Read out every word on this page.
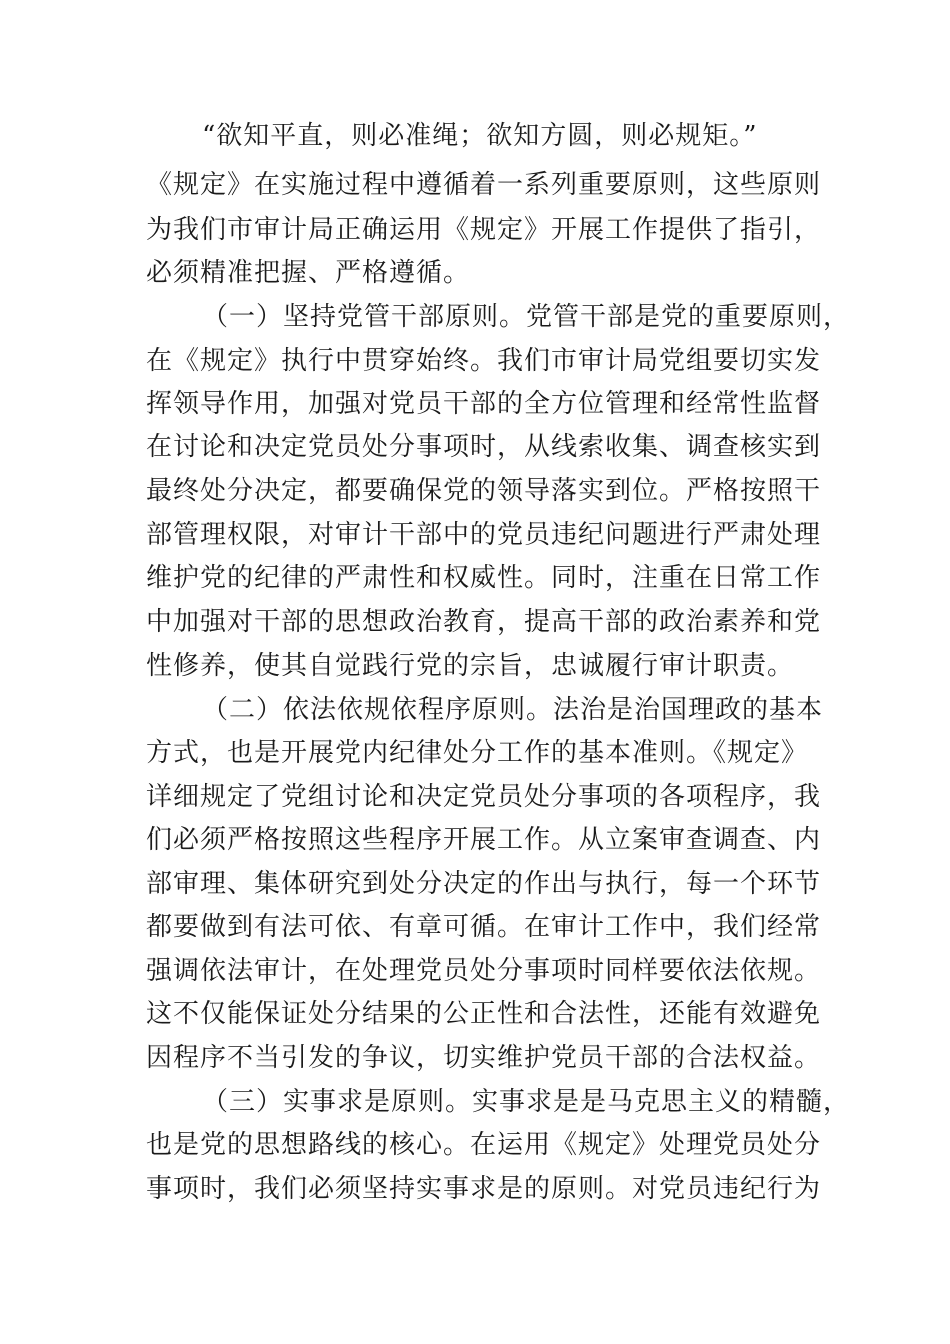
“欲知平直，则必准绳；欲知方圆，则必规矩。”
《规定》在实施过程中遵循着一系列重要原则，这些原则
为我们市审计局正确运用《规定》开展工作提供了指引，
必须精准把握、严格遵循。
（一）坚持党管干部原则。党管干部是党的重要原则，
在《规定》执行中贯穿始终。我们市审计局党组要切实发
挥领导作用，加强对党员干部的全方位管理和经常性监督
在讨论和决定党员处分事项时，从线索收集、调查核实到
最终处分决定，都要确保党的领导落实到位。严格按照干
部管理权限，对审计干部中的党员违纪问题进行严肃处理
维护党的纪律的严肃性和权威性。同时，注重在日常工作
中加强对干部的思想政治教育，提高干部的政治素养和党
性修养，使其自觉践行党的宗旨，忠诚履行审计职责。
（二）依法依规依程序原则。法治是治国理政的基本
方式，也是开展党内纪律处分工作的基本准则。《规定》
详细规定了党组讨论和决定党员处分事项的各项程序，我
们必须严格按照这些程序开展工作。从立案审查调查、内
部审理、集体研究到处分决定的作出与执行，每一个环节
都要做到有法可依、有章可循。在审计工作中，我们经常
强调依法审计，在处理党员处分事项时同样要依法依规。
这不仅能保证处分结果的公正性和合法性，还能有效避免
因程序不当引发的争议，切实维护党员干部的合法权益。
（三）实事求是原则。实事求是是马克思主义的精髓，
也是党的思想路线的核心。在运用《规定》处理党员处分
事项时，我们必须坚持实事求是的原则。对党员违纪行为
